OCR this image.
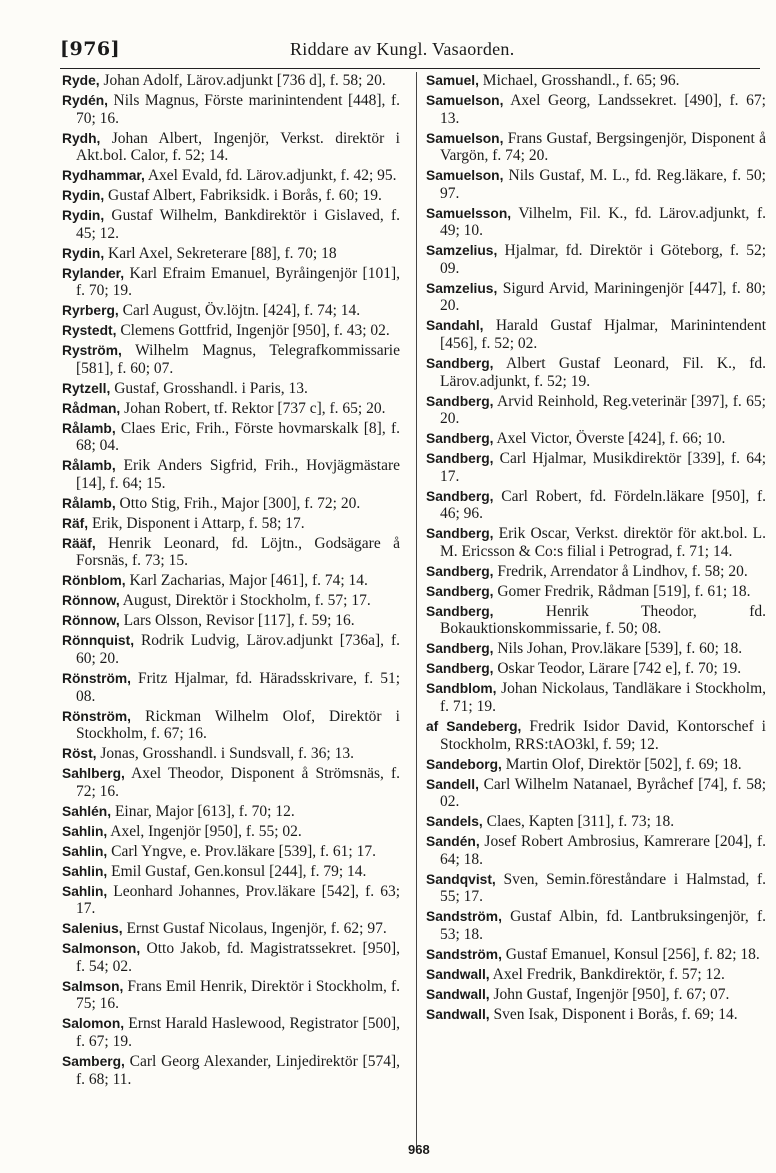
[976]	Riddare av Kungl. Vasaorden.

Ryde, Johan Adolf, Lärov.adjunkt [736 d], f. 58; 20.

Rydén, Nils Magnus, Förste marinintendent [448], f. 70; 16.

Rydh, Johan Albert, Ingenjör, Verkst. direktör i Akt.bol. Calor, f. 52; 14.

Rydhammar, Axel Evald, fd. Lärov.adjunkt, f. 42; 95.

Rydin, Gustaf Albert, Fabriksidk. i Borås, f. 60; 19.

Rydin, Gustaf Wilhelm, Bankdirektör i Gislaved, f. 45; 12.

Rydin, Karl Axel, Sekreterare [88], f. 70; 18

Rylander, Karl Efraim Emanuel, Byråingenjör [101], f. 70; 19.

Ryrberg, Carl August, Öv.löjtn. [424], f. 74; 14.

Rystedt, Clemens Gottfrid, Ingenjör [950], f. 43; 02.

Ryström, Wilhelm Magnus, Telegrafkommissarie [581], f. 60; 07.

Rytzell, Gustaf, Grosshandl. i Paris, 13.

Rådman, Johan Robert, tf. Rektor [737 c], f. 65; 20.

Rålamb, Claes Eric, Frih., Förste hovmarskalk [8], f. 68; 04.

Rålamb, Erik Anders Sigfrid, Frih., Hovjägmästare [14], f. 64; 15.

Rålamb, Otto Stig, Frih., Major [300], f. 72; 20.

Räf, Erik, Disponent i Attarp, f. 58; 17.

Rääf, Henrik Leonard, fd. Löjtn., Godsägare å Forsnäs, f. 73; 15.

Rönblom, Karl Zacharias, Major [461], f. 74; 14.

Rönnow, August, Direktör i Stockholm, f. 57; 17.

Rönnow, Lars Olsson, Revisor [117], f. 59; 16.

Rönnquist, Rodrik Ludvig, Lärov.adjunkt [736a], f. 60; 20.

Rönström, Fritz Hjalmar, fd. Häradsskrivare, f. 51; 08.

Rönström, Rickman Wilhelm Olof, Direktör i Stockholm, f. 67; 16.

Röst, Jonas, Grosshandl. i Sundsvall, f. 36; 13.

Sahlberg, Axel Theodor, Disponent å Strömsnäs, f. 72; 16.

Sahlén, Einar, Major [613], f. 70; 12.

Sahlin, Axel, Ingenjör [950], f. 55; 02.

Sahlin, Carl Yngve, e. Prov.läkare [539], f. 61; 17.

Sahlin, Emil Gustaf, Gen.konsul [244], f. 79; 14.

Sahlin, Leonhard Johannes, Prov.läkare [542], f. 63; 17.

Salenius, Ernst Gustaf Nicolaus, Ingenjör, f. 62; 97.

Salmonson, Otto Jakob, fd. Magistratssekret. [950], f. 54; 02.

Salmson, Frans Emil Henrik, Direktör i Stockholm, f. 75; 16.

Salomon, Ernst Harald Haslewood, Registrator [500], f. 67; 19.

Samberg, Carl Georg Alexander, Linjedirektör [574], f. 68; 11.

Samuel, Michael, Grosshandl., f. 65; 96.

Samuelson, Axel Georg, Landssekret. [490], f. 67; 13.

Samuelson, Frans Gustaf, Bergsingenjör, Disponent å Vargön, f. 74; 20.

Samuelson, Nils Gustaf, M. L., fd. Reg.läkare, f. 50; 97.

Samuelsson, Vilhelm, Fil. K., fd. Lärov.adjunkt, f. 49; 10.

Samzelius, Hjalmar, fd. Direktör i Göteborg, f. 52; 09.

Samzelius, Sigurd Arvid, Mariningenjör [447], f. 80; 20.

Sandahl, Harald Gustaf Hjalmar, Marinintendent [456], f. 52; 02.

Sandberg, Albert Gustaf Leonard, Fil. K., fd. Lärov.adjunkt, f. 52; 19.

Sandberg, Arvid Reinhold, Reg.veterinär [397], f. 65; 20.

Sandberg, Axel Victor, Överste [424], f. 66; 10.

Sandberg, Carl Hjalmar, Musikdirektör [339], f. 64; 17.

Sandberg, Carl Robert, fd. Fördeln.läkare [950], f. 46; 96.

Sandberg, Erik Oscar, Verkst. direktör för akt.bol. L. M. Ericsson & Co:s filial i Petrograd, f. 71; 14.

Sandberg, Fredrik, Arrendator å Lindhov, f. 58; 20.

Sandberg, Gomer Fredrik, Rådman [519], f. 61; 18.

Sandberg, Henrik Theodor, fd. Bokauktionskommissarie, f. 50; 08.

Sandberg, Nils Johan, Prov.läkare [539], f. 60; 18.

Sandberg, Oskar Teodor, Lärare [742 e], f. 70; 19.

Sandblom, Johan Nickolaus, Tandläkare i Stockholm, f. 71; 19.

af Sandeberg, Fredrik Isidor David, Kontorschef i Stockholm, RRS:tAO3kl, f. 59; 12.

Sandeborg, Martin Olof, Direktör [502], f. 69; 18.

Sandell, Carl Wilhelm Natanael, Byråchef [74], f. 58; 02.

Sandels, Claes, Kapten [311], f. 73; 18.

Sandén, Josef Robert Ambrosius, Kamrerare [204], f. 64; 18.

Sandqvist, Sven, Semin.föreståndare i Halmstad, f. 55; 17.

Sandström, Gustaf Albin, fd. Lantbruksingenjör, f. 53; 18.

Sandström, Gustaf Emanuel, Konsul [256], f. 82; 18.

Sandwall, Axel Fredrik, Bankdirektör, f. 57; 12.

Sandwall, John Gustaf, Ingenjör [950], f. 67; 07.

Sandwall, Sven Isak, Disponent i Borås, f. 69; 14.

968
